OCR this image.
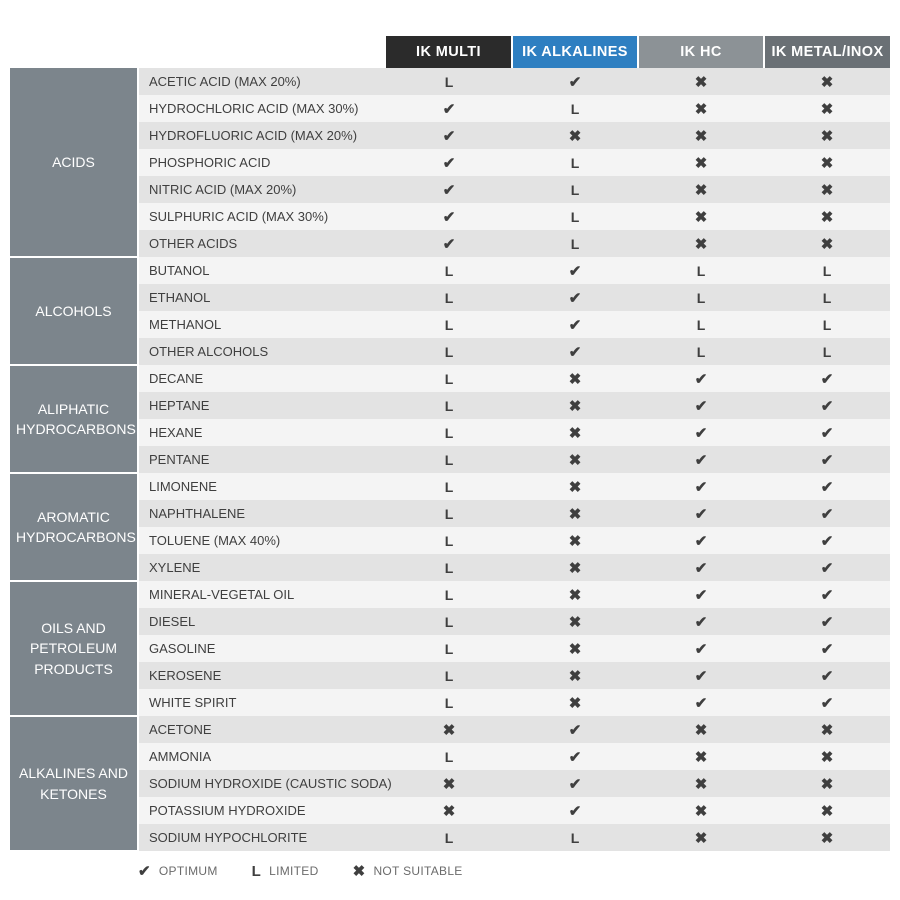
		IK MULTI	IK ALKALINES	IK HC	IK METAL/INOX
ACIDS	ACETIC ACID (MAX 20%)	L	✔	✖	✖
	HYDROCHLORIC ACID (MAX 30%)	✔	L	✖	✖
	HYDROFLUORIC ACID (MAX 20%)	✔	✖	✖	✖
	PHOSPHORIC ACID	✔	L	✖	✖
	NITRIC ACID (MAX 20%)	✔	L	✖	✖
	SULPHURIC ACID (MAX 30%)	✔	L	✖	✖
	OTHER ACIDS	✔	L	✖	✖
ALCOHOLS	BUTANOL	L	✔	L	L
	ETHANOL	L	✔	L	L
	METHANOL	L	✔	L	L
	OTHER ALCOHOLS	L	✔	L	L
ALIPHATIC HYDROCARBONS	DECANE	L	✖	✔	✔
	HEPTANE	L	✖	✔	✔
	HEXANE	L	✖	✔	✔
	PENTANE	L	✖	✔	✔
AROMATIC HYDROCARBONS	LIMONENE	L	✖	✔	✔
	NAPHTHALENE	L	✖	✔	✔
	TOLUENE (MAX 40%)	L	✖	✔	✔
	XYLENE	L	✖	✔	✔
OILS AND PETROLEUM PRODUCTS	MINERAL-VEGETAL OIL	L	✖	✔	✔
	DIESEL	L	✖	✔	✔
	GASOLINE	L	✖	✔	✔
	KEROSENE	L	✖	✔	✔
	WHITE SPIRIT	L	✖	✔	✔
ALKALINES AND KETONES	ACETONE	✖	✔	✖	✖
	AMMONIA	L	✔	✖	✖
	SODIUM HYDROXIDE (CAUSTIC SODA)	✖	✔	✖	✖
	POTASSIUM HYDROXIDE	✖	✔	✖	✖
	SODIUM HYPOCHLORITE	L	L	✖	✖
✔ OPTIMUM L LIMITED ✖ NOT SUITABLE
